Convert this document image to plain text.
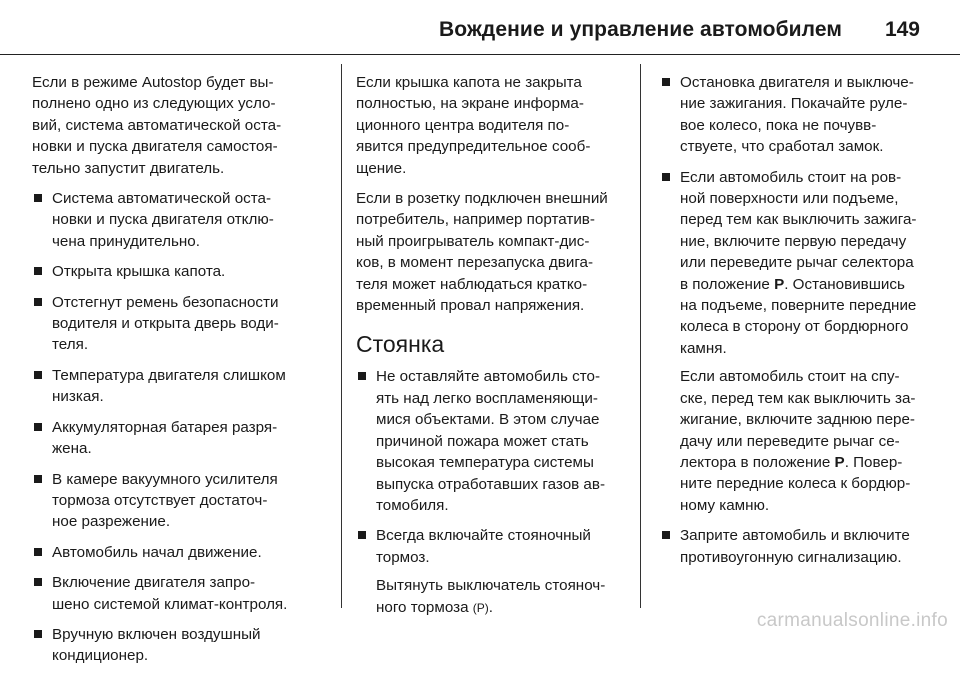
Вождение и управление автомобилем 149

Если в режиме Autostop будет вы-
полнено одно из следующих усло-
вий, система автоматической оста-
новки и пуска двигателя самостоя-
тельно запустит двигатель.

Система автоматической оста-
новки и пуска двигателя отклю-
чена принудительно.
Открыта крышка капота.
Отстегнут ремень безопасности
водителя и открыта дверь води-
теля.
Температура двигателя слишком
низкая.
Аккумуляторная батарея разря-
жена.
В камере вакуумного усилителя
тормоза отсутствует достаточ-
ное разрежение.
Автомобиль начал движение.
Включение двигателя запро-
шено системой климат-контроля.
Вручную включен воздушный
кондиционер.

Если крышка капота не закрыта
полностью, на экране информа-
ционного центра водителя по-
явится предупредительное сооб-
щение.

Если в розетку подключен внешний
потребитель, например портатив-
ный проигрыватель компакт-дис-
ков, в момент перезапуска двига-
теля может наблюдаться кратко-
временный провал напряжения.

Стоянка
Не оставляйте автомобиль сто-
ять над легко воспламеняющи-
мися объектами. В этом случае
причиной пожара может стать
высокая температура системы
выпуска отработавших газов ав-
томобиля.

Всегда включайте стояночный
тормоз.

Вытянуть выключатель стояноч-
ного тормоза (P).

Остановка двигателя и выключе-
ние зажигания. Покачайте руле-
вое колесо, пока не почувв-
ствуете, что сработал замок.

Если автомобиль стоит на ров-
ной поверхности или подъеме,
перед тем как выключить зажига-
ние, включите первую передачу
или переведите рычаг селектора
в положение P. Остановившись
на подъеме, поверните передние
колеса в сторону от бордюрного
камня.

Если автомобиль стоит на спу-
ске, перед тем как выключить за-
жигание, включите заднюю пере-
дачу или переведите рычаг се-
лектора в положение P. Повер-
ните передние колеса к бордюр-
ному камню.

Заприте автомобиль и включите
противоугонную сигнализацию.
carmanualsonline.info
